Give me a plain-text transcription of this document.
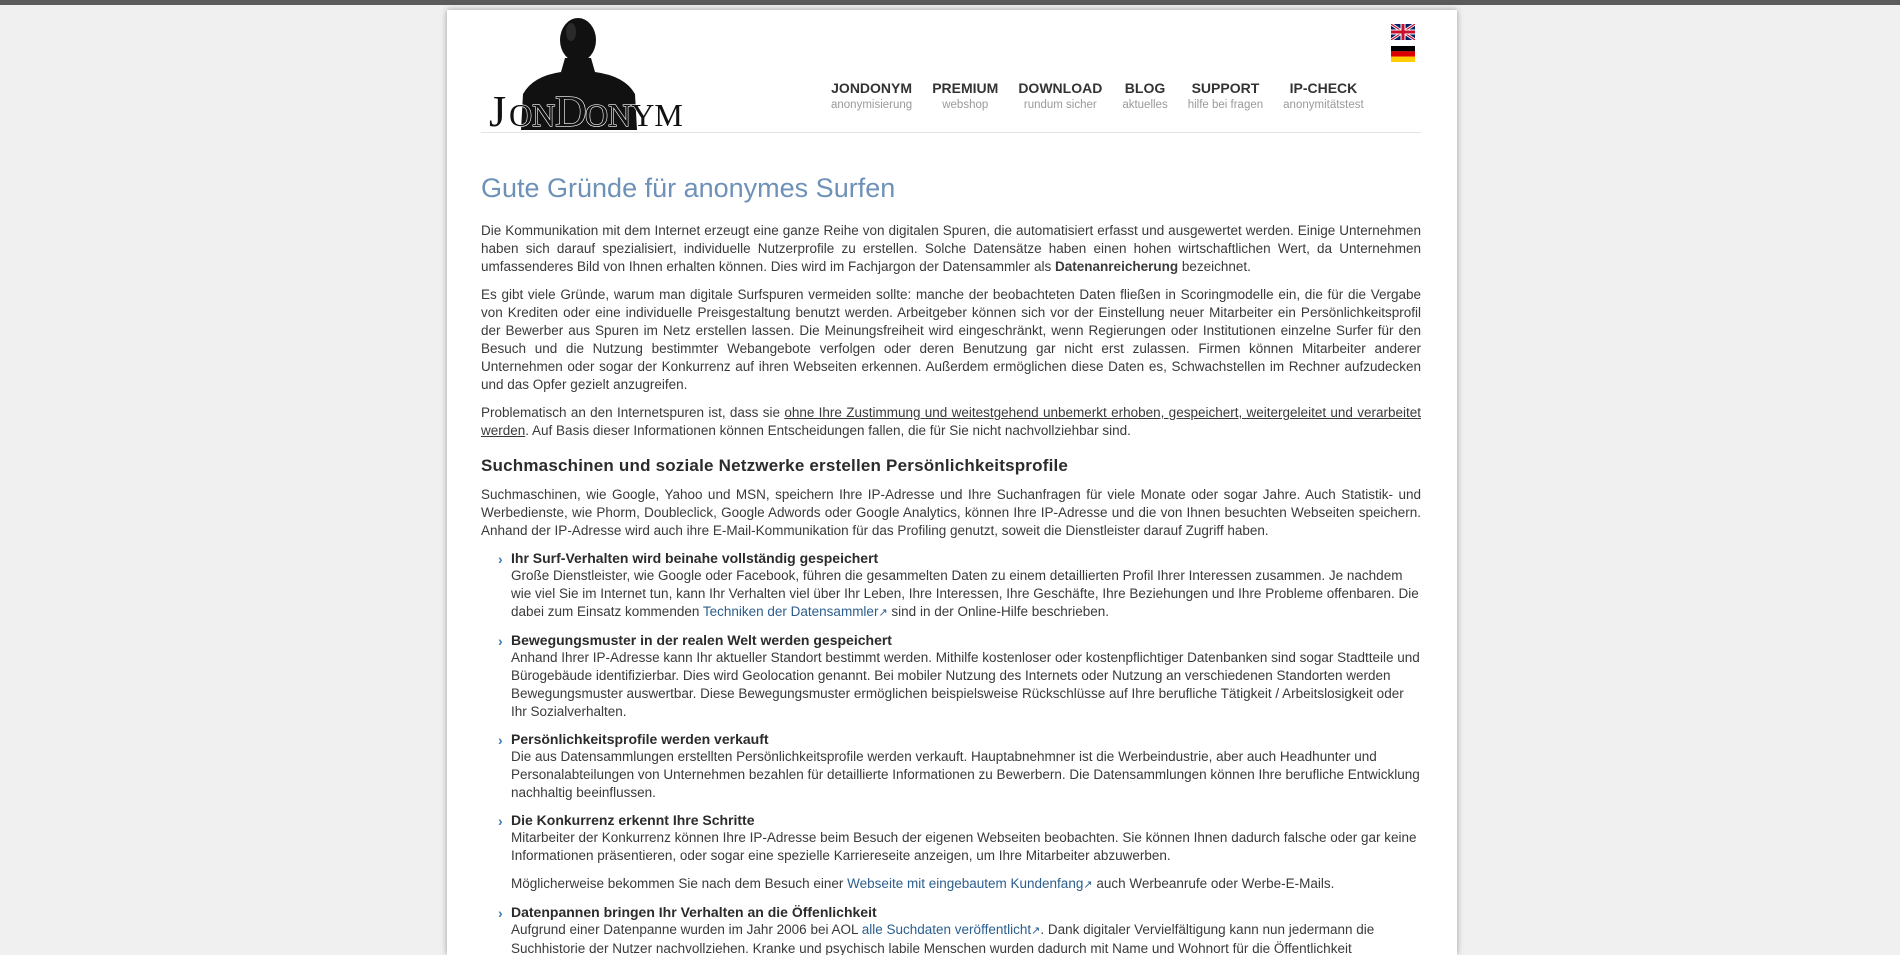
J ON D
ONYM
JONDONYM
anonymisierung
PREMIUM
webshop
DOWNLOAD
rundum sicher
BLOG
aktuelles
SUPPORT
hilfe bei fragen
IP-CHECK
anonymitätstest
Gute Gründe für anonymes Surfen

Die Kommunikation mit dem Internet erzeugt eine ganze Reihe von digitalen Spuren, die automatisiert erfasst und ausgewertet werden. Einige Unternehmen haben sich darauf spezialisiert, individuelle Nutzerprofile zu erstellen. Solche Datensätze haben einen hohen wirtschaftlichen Wert, da Unternehmen umfassenderes Bild von Ihnen erhalten können. Dies wird im Fachjargon der Datensammler als Datenanreicherung bezeichnet.

Es gibt viele Gründe, warum man digitale Surfspuren vermeiden sollte: manche der beobachteten Daten fließen in Scoringmodelle ein, die für die Vergabe von Krediten oder eine individuelle Preisgestaltung benutzt werden. Arbeitgeber können sich vor der Einstellung neuer Mitarbeiter ein Persönlichkeitsprofil der Bewerber aus Spuren im Netz erstellen lassen. Die Meinungsfreiheit wird eingeschränkt, wenn Regierungen oder Institutionen einzelne Surfer für den Besuch und die Nutzung bestimmter Webangebote verfolgen oder deren Benutzung gar nicht erst zulassen. Firmen können Mitarbeiter anderer Unternehmen oder sogar der Konkurrenz auf ihren Webseiten erkennen. Außerdem ermöglichen diese Daten es, Schwachstellen im Rechner aufzudecken und das Opfer gezielt anzugreifen.

Problematisch an den Internetspuren ist, dass sie ohne Ihre Zustimmung und weitestgehend unbemerkt erhoben, gespeichert, weitergeleitet und verarbeitet werden. Auf Basis dieser Informationen können Entscheidungen fallen, die für Sie nicht nachvollziehbar sind.

Suchmaschinen und soziale Netzwerke erstellen Persönlichkeitsprofile

Suchmaschinen, wie Google, Yahoo und MSN, speichern Ihre IP-Adresse und Ihre Suchanfragen für viele Monate oder sogar Jahre. Auch Statistik- und Werbedienste, wie Phorm, Doubleclick, Google Adwords oder Google Analytics, können Ihre IP-Adresse und die von Ihnen besuchten Webseiten speichern. Anhand der IP-Adresse wird auch ihre E-Mail-Kommunikation für das Profiling genutzt, soweit die Dienstleister darauf Zugriff haben.

› Ihr Surf-Verhalten wird beinahe vollständig gespeichert
Große Dienstleister, wie Google oder Facebook, führen die gesammelten Daten zu einem detaillierten Profil Ihrer Interessen zusammen. Je nachdem wie viel Sie im Internet tun, kann Ihr Verhalten viel über Ihr Leben, Ihre Interessen, Ihre Geschäfte, Ihre Beziehungen und Ihre Probleme offenbaren. Die dabei zum Einsatz kommenden Techniken der Datensammler↗ sind in der Online-Hilfe beschrieben.
› Bewegungsmuster in der realen Welt werden gespeichert
Anhand Ihrer IP-Adresse kann Ihr aktueller Standort bestimmt werden. Mithilfe kostenloser oder kostenpflichtiger Datenbanken sind sogar Stadtteile und Bürogebäude identifizierbar. Dies wird Geolocation genannt. Bei mobiler Nutzung des Internets oder Nutzung an verschiedenen Standorten werden Bewegungsmuster auswertbar. Diese Bewegungsmuster ermöglichen beispielsweise Rückschlüsse auf Ihre berufliche Tätigkeit / Arbeitslosigkeit oder Ihr Sozialverhalten.
› Persönlichkeitsprofile werden verkauft
Die aus Datensammlungen erstellten Persönlichkeitsprofile werden verkauft. Hauptabnehmner ist die Werbeindustrie, aber auch Headhunter und Personalabteilungen von Unternehmen bezahlen für detaillierte Informationen zu Bewerbern. Die Datensammlungen können Ihre berufliche Entwicklung nachhaltig beeinflussen.
› Die Konkurrenz erkennt Ihre Schritte
Mitarbeiter der Konkurrenz können Ihre IP-Adresse beim Besuch der eigenen Webseiten beobachten. Sie können Ihnen dadurch falsche oder gar keine Informationen präsentieren, oder sogar eine spezielle Karriereseite anzeigen, um Ihre Mitarbeiter abzuwerben.
Möglicherweise bekommen Sie nach dem Besuch einer Webseite mit eingebautem Kundenfang↗ auch Werbeanrufe oder Werbe-E-Mails.
› Datenpannen bringen Ihr Verhalten an die Öffenlichkeit
Aufgrund einer Datenpanne wurden im Jahr 2006 bei AOL alle Suchdaten veröffentlicht↗. Dank digitaler Vervielfältigung kann nun jedermann die Suchhistorie der Nutzer nachvollziehen. Kranke und psychisch labile Menschen wurden dadurch mit Name und Wohnort für die Öffentlichkeit
